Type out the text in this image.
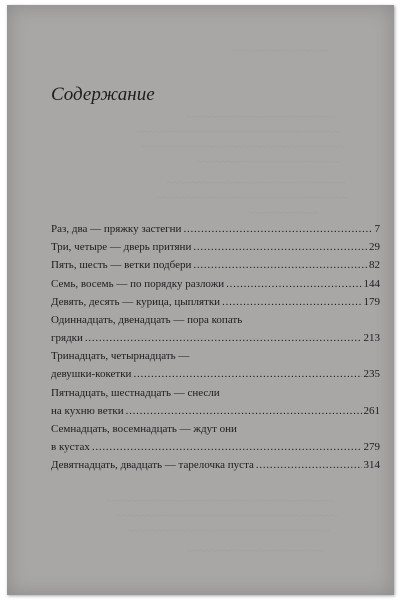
~~~~~~~~~~~~~~~~
~~~~~~~~~~~~~~~~~~~~~~~~~
~~~~~~~~~~~~~~~~~~~~~~~~~~~~~~~~~~
~~~~~~~~~~~~~~~~~~~~~~~~~~~~~~~~~~
~~~~~~~~~~~~~~~~~~~~~~~~
~~~~~~~~~~~~~~~~~~~~~~~~~~~~~~
~~~~~~~~~~~~~~~~~~~~~~~~~~~~~~~~
~~~~~~~~~~~~
~~~~~~~~~~~~~~~~~~~~~~~~~~~~~~~~~~~~~~
~~~~~~~~~~~~~~~~~~~~~~~~~~~~~~~~~~~~~
~~~~~~~~~~~~~~~~~~~~~~~~~~~~~~~~~~
~~~~~~~~~~~~~~~~~~~~~~~
Содержание
Раз, два — пряжку застегни . . .	7
Три, четыре — дверь притяни . . .	29
Пять, шесть — ветки подбери . . .	82
Семь, восемь — по порядку разложи . . .	144
Девять, десять — курица, цыплятки . . .	179
Одиннадцать, двенадцать — пора копать
грядки . . .	213
Тринадцать, четырнадцать —
девушки-кокетки . . .	235
Пятнадцать, шестнадцать — снесли
на кухню ветки . . .	261
Семнадцать, восемнадцать — ждут они
в кустах . . .	279
Девятнадцать, двадцать — тарелочка пуста . . .	314
